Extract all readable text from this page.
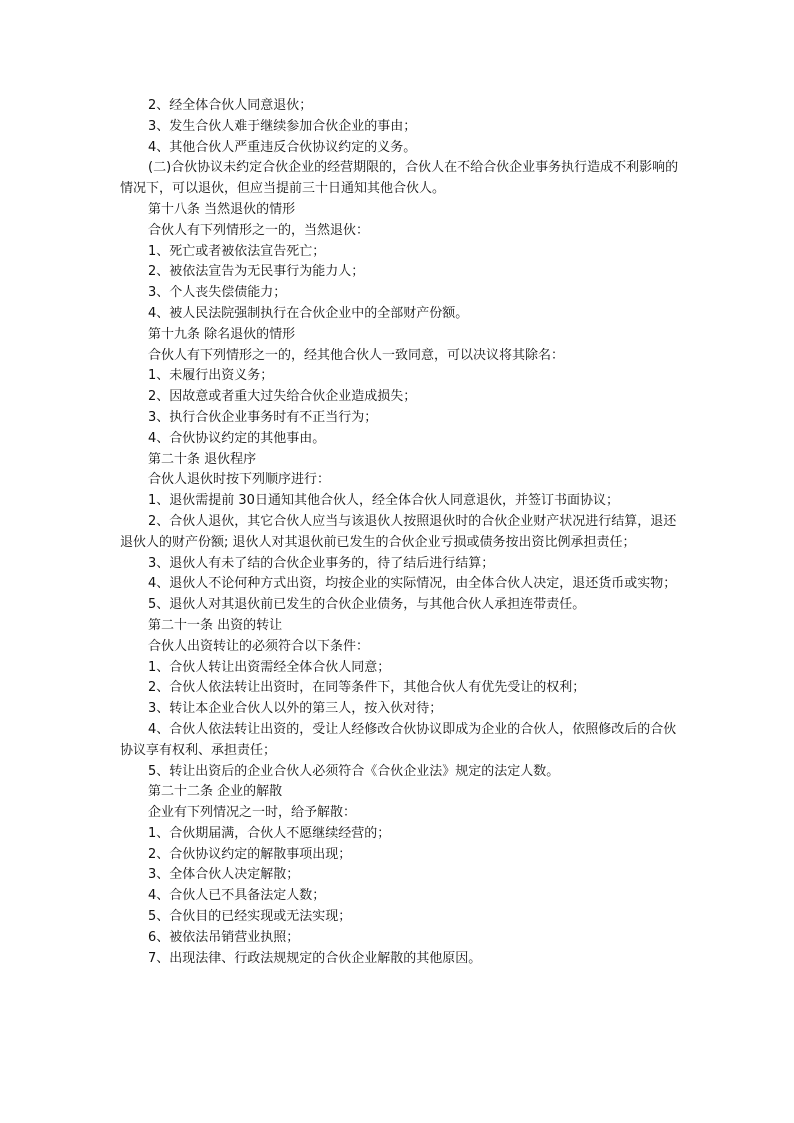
2、经全体合伙人同意退伙；

3、发生合伙人难于继续参加合伙企业的事由；

4、其他合伙人严重违反合伙协议约定的义务。

(二)合伙协议未约定合伙企业的经营期限的，合伙人在不给合伙企业事务执行造成不利影响的情况下，可以退伙，但应当提前三十日通知其他合伙人。

第十八条 当然退伙的情形

合伙人有下列情形之一的，当然退伙：

1、死亡或者被依法宣告死亡；

2、被依法宣告为无民事行为能力人；

3、个人丧失偿债能力；

4、被人民法院强制执行在合伙企业中的全部财产份额。

第十九条 除名退伙的情形

合伙人有下列情形之一的，经其他合伙人一致同意，可以决议将其除名：

1、未履行出资义务；

2、因故意或者重大过失给合伙企业造成损失；

3、执行合伙企业事务时有不正当行为；

4、合伙协议约定的其他事由。

第二十条 退伙程序

合伙人退伙时按下列顺序进行：

1、退伙需提前 30日通知其他合伙人，经全体合伙人同意退伙，并签订书面协议；

2、合伙人退伙，其它合伙人应当与该退伙人按照退伙时的合伙企业财产状况进行结算，退还退伙人的财产份额; 退伙人对其退伙前已发生的合伙企业亏损或债务按出资比例承担责任；

3、退伙人有未了结的合伙企业事务的，待了结后进行结算；

4、退伙人不论何种方式出资，均按企业的实际情况，由全体合伙人决定，退还货币或实物；

5、退伙人对其退伙前已发生的合伙企业债务，与其他合伙人承担连带责任。

第二十一条 出资的转让

合伙人出资转让的必须符合以下条件：

1、合伙人转让出资需经全体合伙人同意；

2、合伙人依法转让出资时，在同等条件下，其他合伙人有优先受让的权利；

3、转让本企业合伙人以外的第三人，按入伙对待；

4、合伙人依法转让出资的，受让人经修改合伙协议即成为企业的合伙人，依照修改后的合伙协议享有权利、承担责任；

5、转让出资后的企业合伙人必须符合《合伙企业法》规定的法定人数。

第二十二条 企业的解散

企业有下列情况之一时，给予解散：

1、合伙期届满，合伙人不愿继续经营的；

2、合伙协议约定的解散事项出现；

3、全体合伙人决定解散；

4、合伙人已不具备法定人数；

5、合伙目的已经实现或无法实现；

6、被依法吊销营业执照；

7、出现法律、行政法规规定的合伙企业解散的其他原因。
